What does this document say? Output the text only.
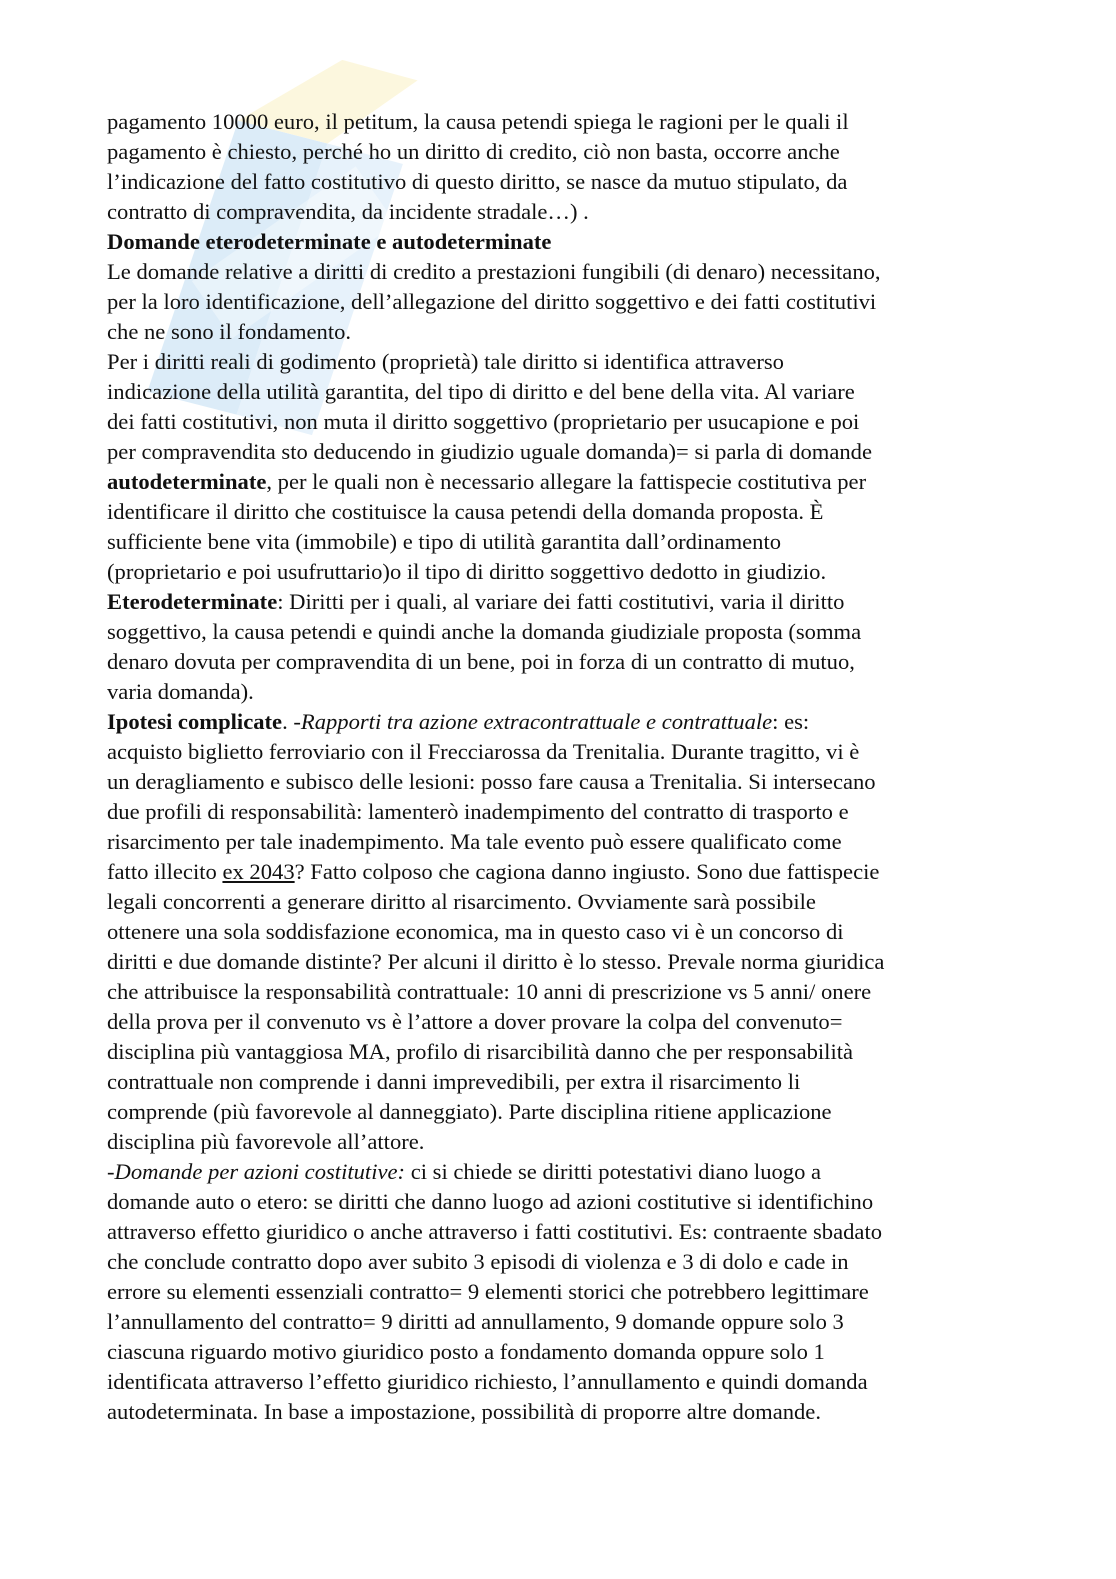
pagamento 10000 euro, il petitum, la causa petendi spiega le ragioni per le quali il
pagamento è chiesto, perché ho un diritto di credito, ciò non basta, occorre anche
l’indicazione del fatto costitutivo di questo diritto, se nasce da mutuo stipulato, da
contratto di compravendita, da incidente stradale…) .
Domande eterodeterminate e autodeterminate
Le domande relative a diritti di credito a prestazioni fungibili (di denaro) necessitano,
per la loro identificazione, dell’allegazione del diritto soggettivo e dei fatti costitutivi
che ne sono il fondamento.
Per i diritti reali di godimento (proprietà) tale diritto si identifica attraverso
indicazione della utilità garantita, del tipo di diritto e del bene della vita. Al variare
dei fatti costitutivi, non muta il diritto soggettivo (proprietario per usucapione e poi
per compravendita sto deducendo in giudizio uguale domanda)= si parla di domande
autodeterminate, per le quali non è necessario allegare la fattispecie costitutiva per
identificare il diritto che costituisce la causa petendi della domanda proposta. È
sufficiente bene vita (immobile) e tipo di utilità garantita dall’ordinamento
(proprietario e poi usufruttario)o il tipo di diritto soggettivo dedotto in giudizio.
Eterodeterminate: Diritti per i quali, al variare dei fatti costitutivi, varia il diritto
soggettivo, la causa petendi e quindi anche la domanda giudiziale proposta (somma
denaro dovuta per compravendita di un bene, poi in forza di un contratto di mutuo,
varia domanda).
Ipotesi complicate. -Rapporti tra azione extracontrattuale e contrattuale: es:
acquisto biglietto ferroviario con il Frecciarossa da Trenitalia. Durante tragitto, vi è
un deragliamento e subisco delle lesioni: posso fare causa a Trenitalia. Si intersecano
due profili di responsabilità: lamenterò inadempimento del contratto di trasporto e
risarcimento per tale inadempimento. Ma tale evento può essere qualificato come
fatto illecito ex 2043? Fatto colposo che cagiona danno ingiusto. Sono due fattispecie
legali concorrenti a generare diritto al risarcimento. Ovviamente sarà possibile
ottenere una sola soddisfazione economica, ma in questo caso vi è un concorso di
diritti e due domande distinte? Per alcuni il diritto è lo stesso. Prevale norma giuridica
che attribuisce la responsabilità contrattuale: 10 anni di prescrizione vs 5 anni/ onere
della prova per il convenuto vs è l’attore a dover provare la colpa del convenuto=
disciplina più vantaggiosa MA, profilo di risarcibilità danno che per responsabilità
contrattuale non comprende i danni imprevedibili, per extra il risarcimento li
comprende (più favorevole al danneggiato). Parte disciplina ritiene applicazione
disciplina più favorevole all’attore.
-Domande per azioni costitutive: ci si chiede se diritti potestativi diano luogo a
domande auto o etero: se diritti che danno luogo ad azioni costitutive si identifichino
attraverso effetto giuridico o anche attraverso i fatti costitutivi. Es: contraente sbadato
che conclude contratto dopo aver subito 3 episodi di violenza e 3 di dolo e cade in
errore su elementi essenziali contratto= 9 elementi storici che potrebbero legittimare
l’annullamento del contratto= 9 diritti ad annullamento, 9 domande oppure solo 3
ciascuna riguardo motivo giuridico posto a fondamento domanda oppure solo 1
identificata attraverso l’effetto giuridico richiesto, l’annullamento e quindi domanda
autodeterminata. In base a impostazione, possibilità di proporre altre domande.
